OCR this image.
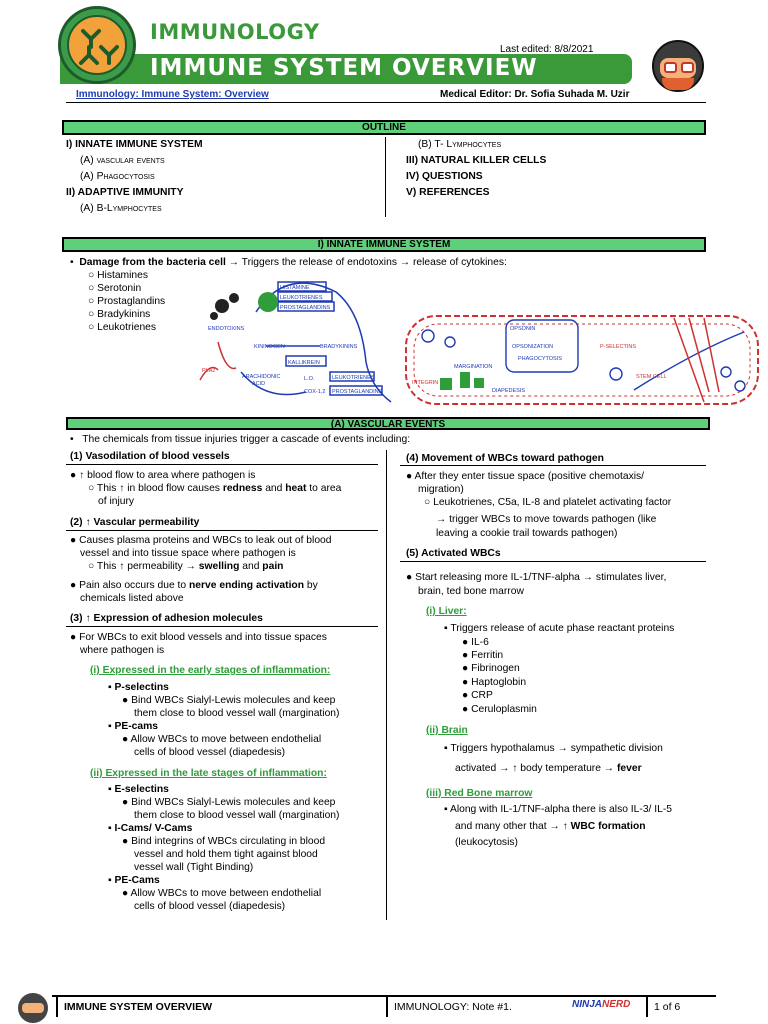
IMMUNOLOGY
IMMUNE SYSTEM OVERVIEW
Last edited: 8/8/2021
Immunology: Immune System: Overview	Medical Editor: Dr. Sofia Suhada M. Uzir
OUTLINE
I) INNATE IMMUNE SYSTEM
(A) vascular events
(A) Phagocytosis
II) ADAPTIVE IMMUNITY
(A) B-Lymphocytes
(B) T- Lymphocytes
III) NATURAL KILLER CELLS
IV) QUESTIONS
V) REFERENCES
I) INNATE IMMUNE SYSTEM
•  Damage from the bacteria cell → Triggers the release of endotoxins → release of cytokines:
○ Histamines
○ Serotonin
○ Prostaglandins
○ Bradykinins
○ Leukotrienes
HISTAMINE
LEUKOTRIENES
PROSTAGLANDINS
ENDOTOXINS
KININOGEN	BRADYKININS
KALLIKREIN
PLA2
ARACHIDONIC
ACID
L.O.	LEUKOTRIENES
COX-1,2 PROSTAGLANDINS
OPSONIN
OPSONIZATION
PHAGOCYTOSIS
P-SELECTINS
MARGINATION
INTEGRIN
DIAPEDESIS
STEM CELL
(A) VASCULAR EVENTS
•   The chemicals from tissue injuries trigger a cascade of events including:
(1) Vasodilation of blood vessels
● ↑ blood flow to area where pathogen is
○ This ↑ in blood flow causes redness and heat to area
of injury
(2) ↑ Vascular permeability
● Causes plasma proteins and WBCs to leak out of blood
vessel and into tissue space where pathogen is
○ This ↑ permeability → swelling and pain
● Pain also occurs due to nerve ending activation by
chemicals listed above
(3) ↑ Expression of adhesion molecules
● For WBCs to exit blood vessels and into tissue spaces
where pathogen is
(i) Expressed in the early stages of inflammation:
▪ P-selectins
● Bind WBCs Sialyl-Lewis molecules and keep
them close to blood vessel wall (margination)
▪ PE-cams
● Allow WBCs to move between endothelial
cells of blood vessel (diapedesis)
(ii) Expressed in the late stages of inflammation:
▪ E-selectins
● Bind WBCs Sialyl-Lewis molecules and keep
them close to blood vessel wall (margination)
▪ I-Cams/ V-Cams
● Bind integrins of WBCs circulating in blood
vessel and hold them tight against blood
vessel wall (Tight Binding)
▪ PE-Cams
● Allow WBCs to move between endothelial
cells of blood vessel (diapedesis)
(4) Movement of WBCs toward pathogen
● After they enter tissue space (positive chemotaxis/
migration)
○ Leukotrienes, C5a, IL-8 and platelet activating factor
→ trigger WBCs to move towards pathogen (like
leaving a cookie trail towards pathogen)
(5) Activated WBCs
● Start releasing more IL-1/TNF-alpha → stimulates liver,
brain, ted bone marrow
(i) Liver:
▪ Triggers release of acute phase reactant proteins
● IL-6
● Ferritin
● Fibrinogen
● Haptoglobin
● CRP
● Ceruloplasmin
(ii) Brain
▪ Triggers hypothalamus → sympathetic division
activated → ↑ body temperature → fever
(iii) Red Bone marrow
▪ Along with IL-1/TNF-alpha there is also IL-3/ IL-5
and many other that → ↑ WBC formation
(leukocytosis)
IMMUNE SYSTEM OVERVIEW	IMMUNOLOGY: Note #1.	NINJANERD	1 of 6
